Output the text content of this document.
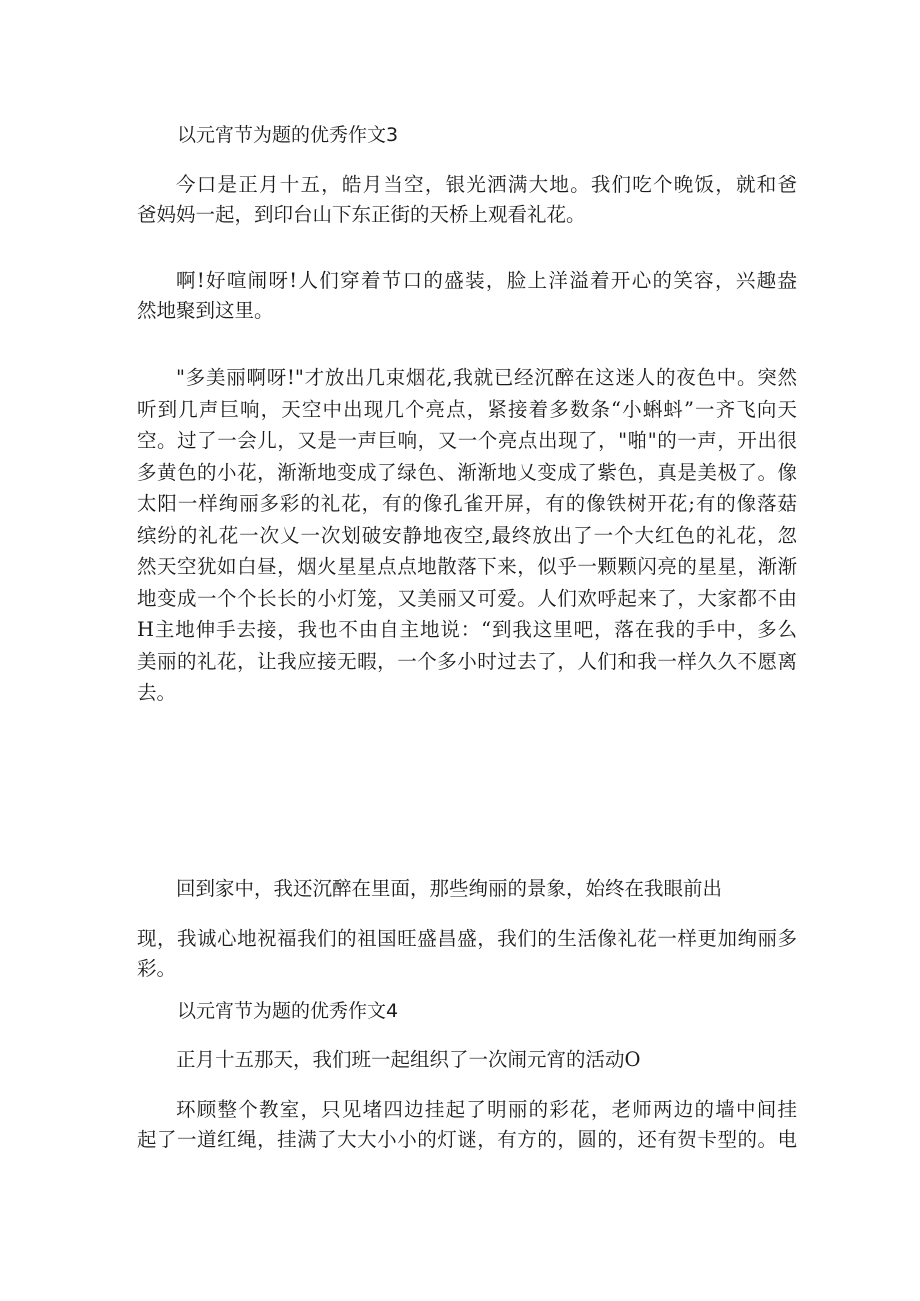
以元宵节为题的优秀作文3
今口是正月十五，皓月当空，银光洒满大地。我们吃个晚饭，就和爸
爸妈妈一起，到印台山下东正街的天桥上观看礼花。
啊!好喧闹呀!人们穿着节口的盛装，脸上洋溢着开心的笑容，兴趣盎
然地聚到这里。
"多美丽啊呀!"才放出几束烟花,我就已经沉醉在这迷人的夜色中。突然
听到几声巨响，天空中出现几个亮点，紧接着多数条“小蝌蚪”一齐飞向天
空。过了一会儿，又是一声巨响，又一个亮点出现了，"啪"的一声，开出很
多黄色的小花，渐渐地变成了绿色、渐渐地乂变成了紫色，真是美极了。像
太阳一样绚丽多彩的礼花，有的像孔雀开屏，有的像铁树开花;有的像落菇
缤纷的礼花一次乂一次划破安静地夜空,最终放出了一个大红色的礼花，忽
然天空犹如白昼，烟火星星点点地散落下来，似乎一颗颗闪亮的星星，渐渐
地变成一个个长长的小灯笼，又美丽又可爱。人们欢呼起来了，大家都不由
H主地伸手去接，我也不由自主地说：“到我这里吧，落在我的手中，多么
美丽的礼花，让我应接无暇，一个多小时过去了，人们和我一样久久不愿离
去。
回到家中，我还沉醉在里面，那些绚丽的景象，始终在我眼前出
现，我诚心地祝福我们的祖国旺盛昌盛，我们的生活像礼花一样更加绚丽多
彩。
以元宵节为题的优秀作文4
正月十五那天，我们班一起组织了一次闹元宵的活动O
环顾整个教室，只见堵四边挂起了明丽的彩花，老师两边的墙中间挂
起了一道红绳，挂满了大大小小的灯谜，有方的，圆的，还有贺卡型的。电
